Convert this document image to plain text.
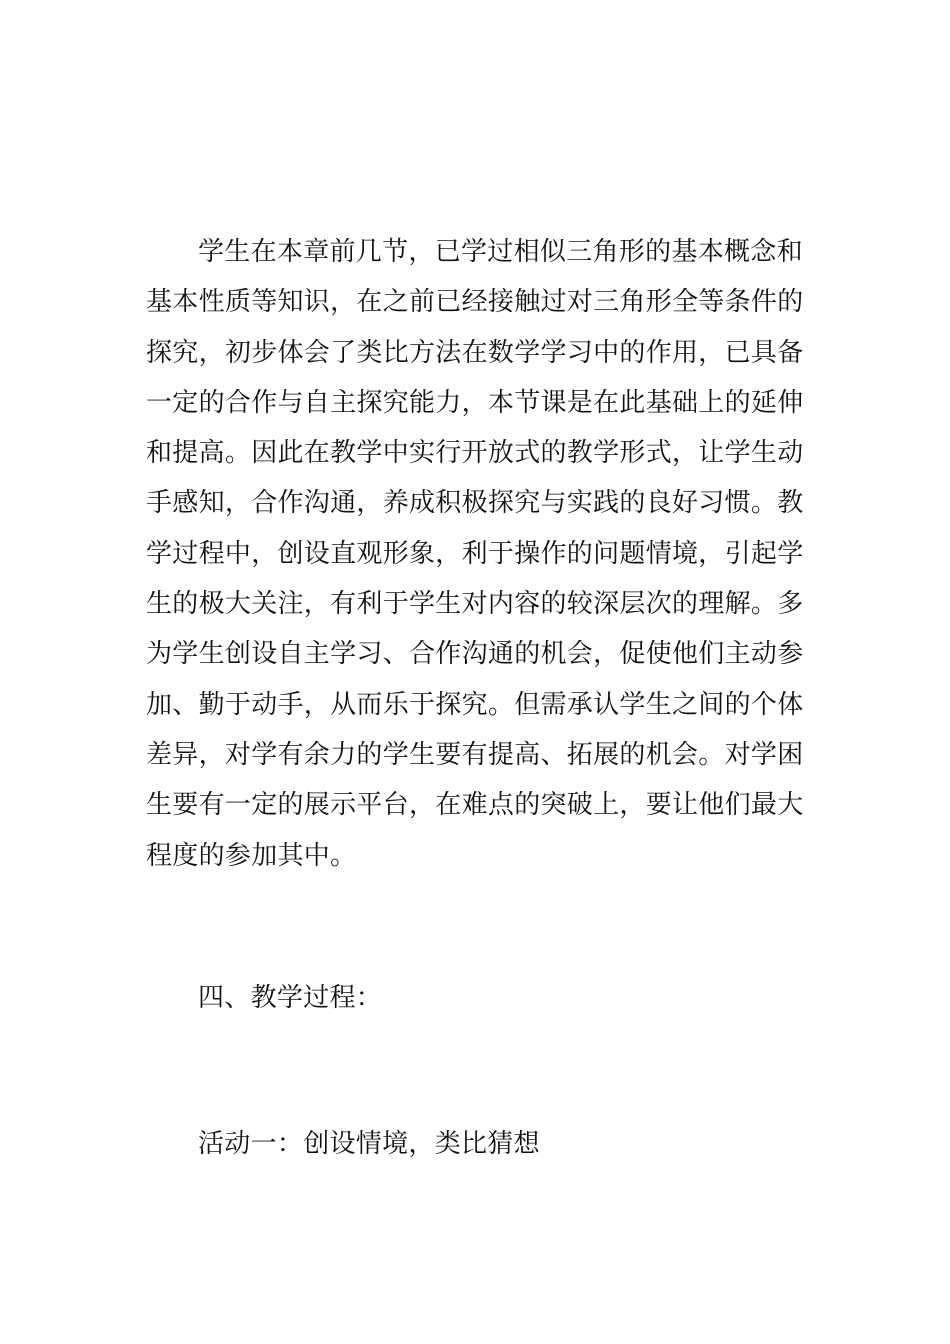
学生在本章前几节，已学过相似三角形的基本概念和
基本性质等知识，在之前已经接触过对三角形全等条件的
探究，初步体会了类比方法在数学学习中的作用，已具备
一定的合作与自主探究能力，本节课是在此基础上的延伸
和提高。因此在教学中实行开放式的教学形式，让学生动
手感知，合作沟通，养成积极探究与实践的良好习惯。教
学过程中，创设直观形象，利于操作的问题情境，引起学
生的极大关注，有利于学生对内容的较深层次的理解。多
为学生创设自主学习、合作沟通的机会，促使他们主动参
加、勤于动手，从而乐于探究。但需承认学生之间的个体
差异，对学有余力的学生要有提高、拓展的机会。对学困
生要有一定的展示平台，在难点的突破上，要让他们最大
程度的参加其中。
四、教学过程：
活动一：创设情境，类比猜想
